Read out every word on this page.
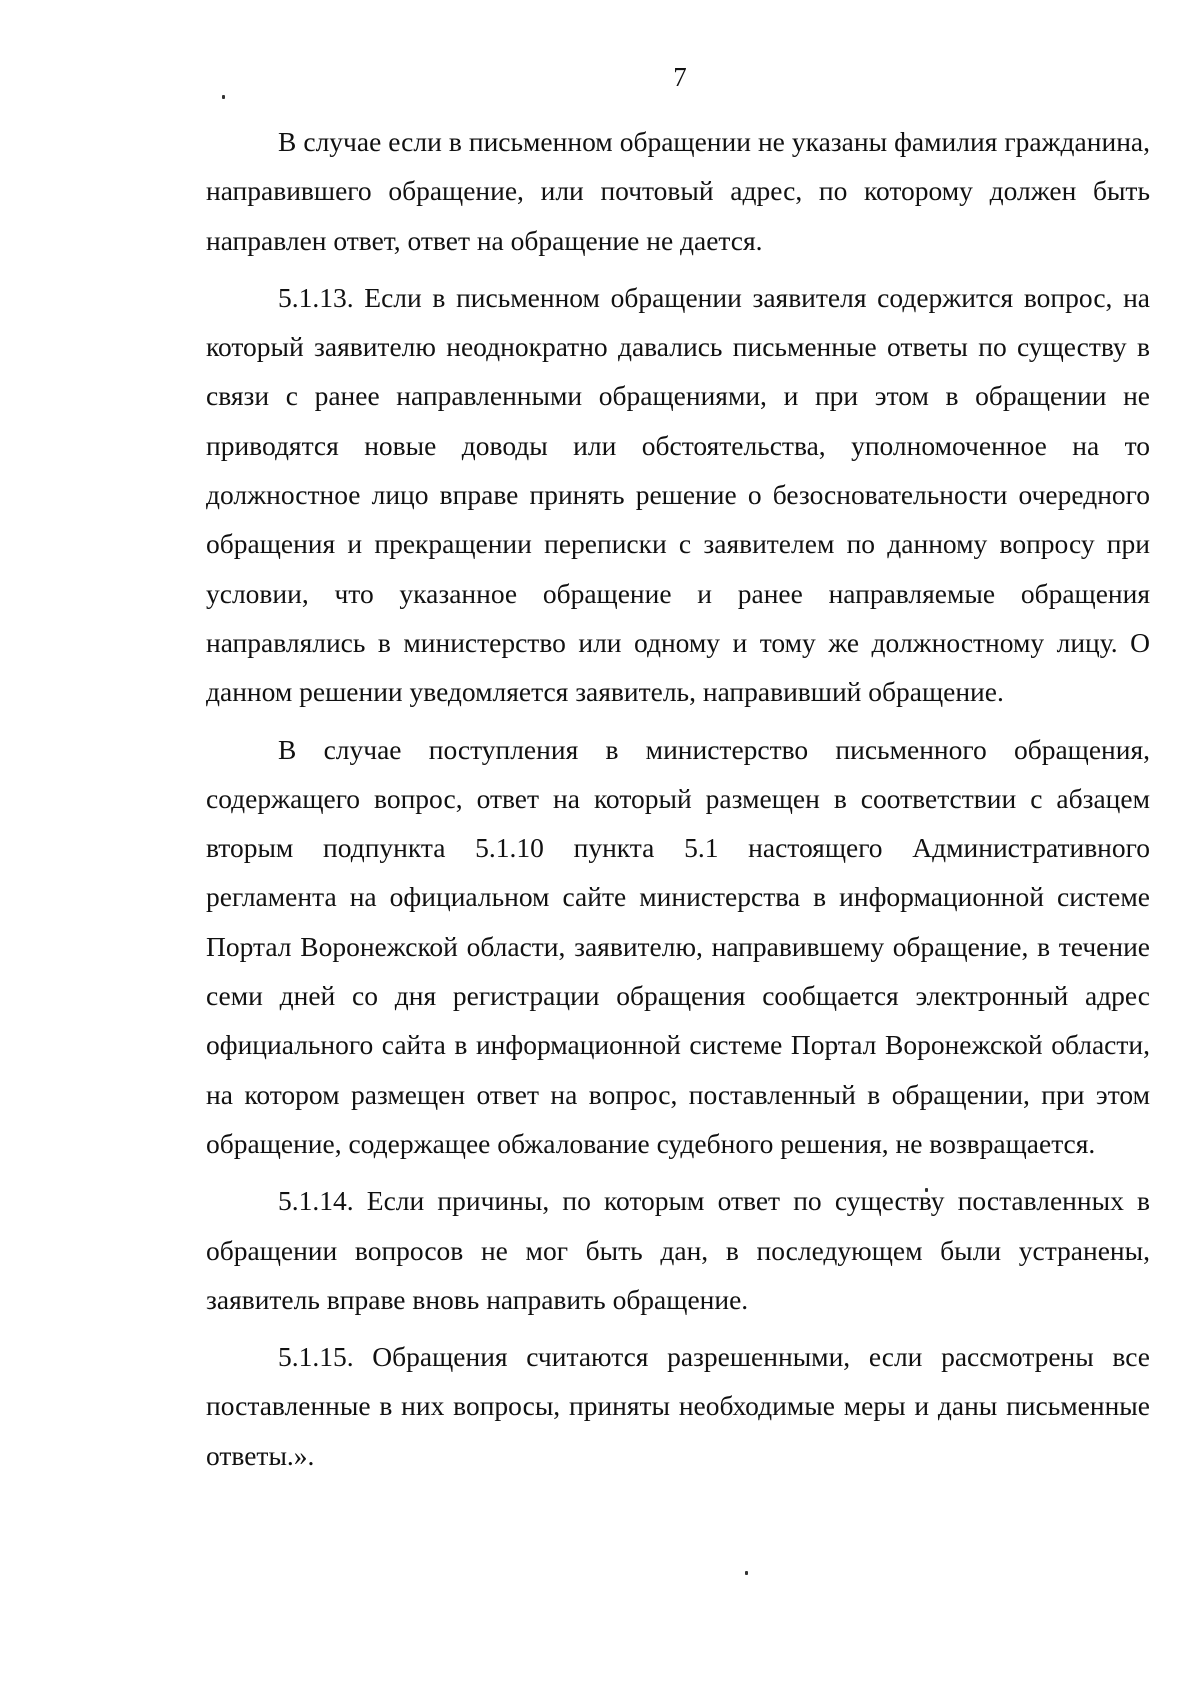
7

В случае если в письменном обращении не указаны фамилия гражданина, направившего обращение, или почтовый адрес, по которому должен быть направлен ответ, ответ на обращение не дается.

5.1.13. Если в письменном обращении заявителя содержится вопрос, на который заявителю неоднократно давались письменные ответы по существу в связи с ранее направленными обращениями, и при этом в обращении не приводятся новые доводы или обстоятельства, уполномоченное на то должностное лицо вправе принять решение о безосновательности очередного обращения и прекращении переписки с заявителем по данному вопросу при условии, что указанное обращение и ранее направляемые обращения направлялись в министерство или одному и тому же должностному лицу. О данном решении уведомляется заявитель, направивший обращение.

В случае поступления в министерство письменного обращения, содержащего вопрос, ответ на который размещен в соответствии с абзацем вторым подпункта 5.1.10 пункта 5.1 настоящего Административного регламента на официальном сайте министерства в информационной системе Портал Воронежской области, заявителю, направившему обращение, в течение семи дней со дня регистрации обращения сообщается электронный адрес официального сайта в информационной системе Портал Воронежской области, на котором размещен ответ на вопрос, поставленный в обращении, при этом обращение, содержащее обжалование судебного решения, не возвращается.

5.1.14. Если причины, по которым ответ по существу поставленных в обращении вопросов не мог быть дан, в последующем были устранены, заявитель вправе вновь направить обращение.

5.1.15. Обращения считаются разрешенными, если рассмотрены все поставленные в них вопросы, приняты необходимые меры и даны письменные ответы.».
